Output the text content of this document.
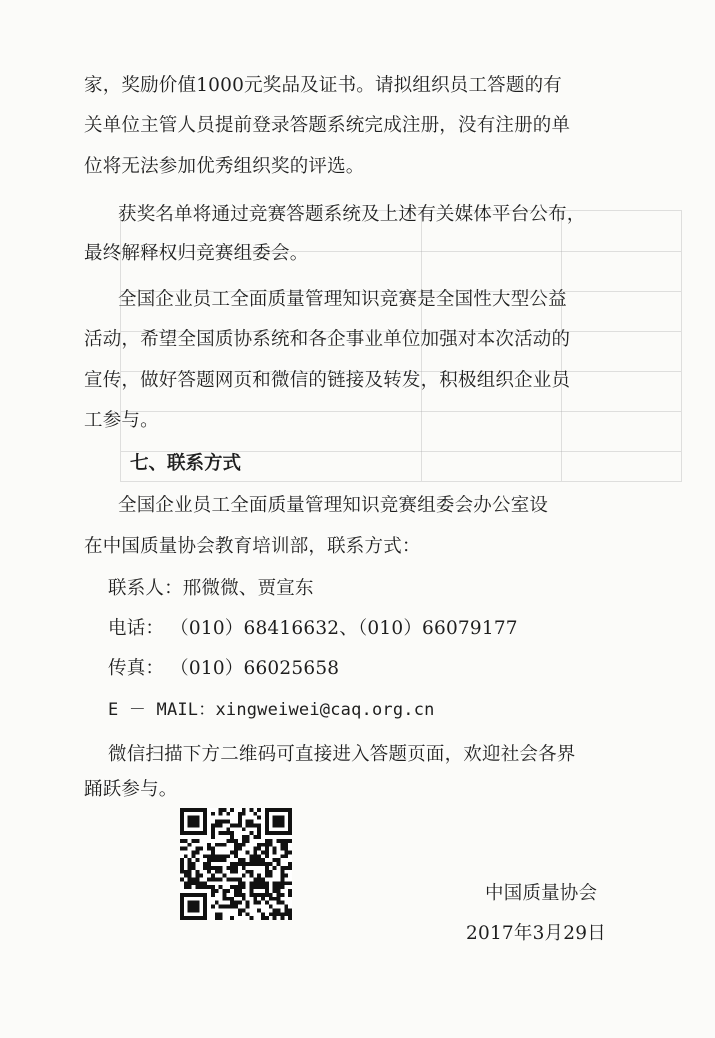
家，奖励价值1000元奖品及证书。请拟组织员工答题的有
关单位主管人员提前登录答题系统完成注册，没有注册的单
位将无法参加优秀组织奖的评选。
获奖名单将通过竞赛答题系统及上述有关媒体平台公布，
最终解释权归竞赛组委会。
全国企业员工全面质量管理知识竞赛是全国性大型公益
活动，希望全国质协系统和各企事业单位加强对本次活动的
宣传，做好答题网页和微信的链接及转发，积极组织企业员
工参与。
七、联系方式
全国企业员工全面质量管理知识竞赛组委会办公室设
在中国质量协会教育培训部，联系方式：
联系人：邢微微、贾宣东
电话： （010）68416632、（010）66079177
传真： （010）66025658
E － MAIL：xingweiwei@caq.org.cn
微信扫描下方二维码可直接进入答题页面，欢迎社会各界
踊跃参与。
中国质量协会
2017年3月29日
